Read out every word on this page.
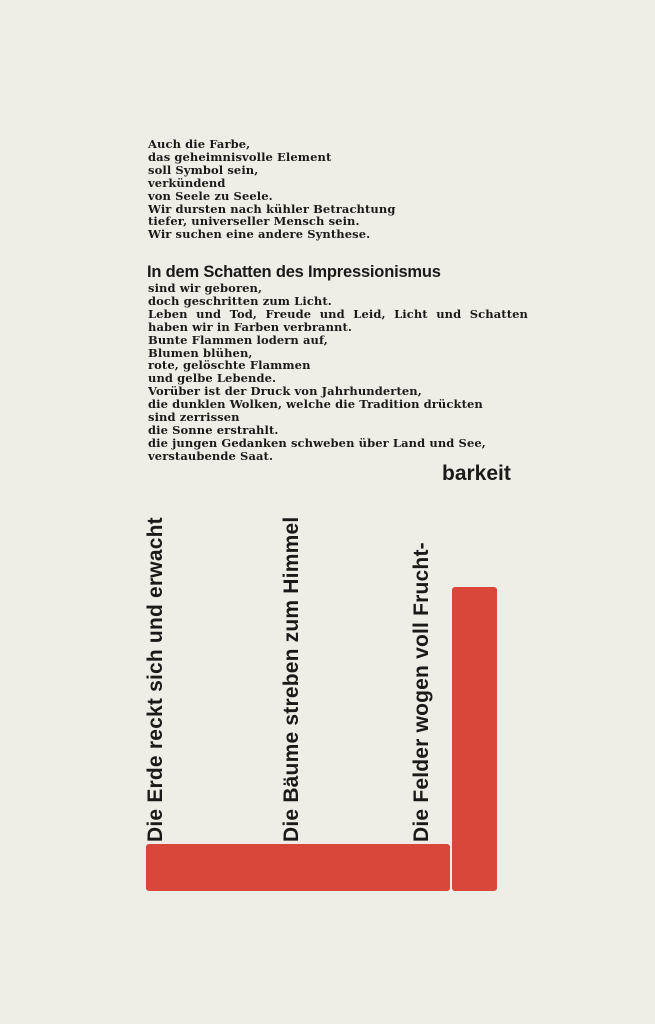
Auch die Farbe,
das geheimnisvolle Element
soll Symbol sein,
verkündend
von Seele zu Seele.
Wir dursten nach kühler Betrachtung
tiefer, universeller Mensch sein.
Wir suchen eine andere Synthese.
In dem Schatten des Impressionismus
sind wir geboren,
doch geschritten zum Licht.
Leben und Tod, Freude und Leid, Licht und Schatten
haben wir in Farben verbrannt.
Bunte Flammen lodern auf,
Blumen blühen,
rote, gelöschte Flammen
und gelbe Lebende.
Vorüber ist der Druck von Jahrhunderten,
die dunklen Wolken, welche die Tradition drückten
sind zerrissen
die Sonne erstrahlt.
die jungen Gedanken schweben über Land und See,
verstaubende Saat.
Die Erde reckt sich und erwacht	Die Bäume streben zum Himmel	Die Felder wogen voll Frucht-
barkeit
